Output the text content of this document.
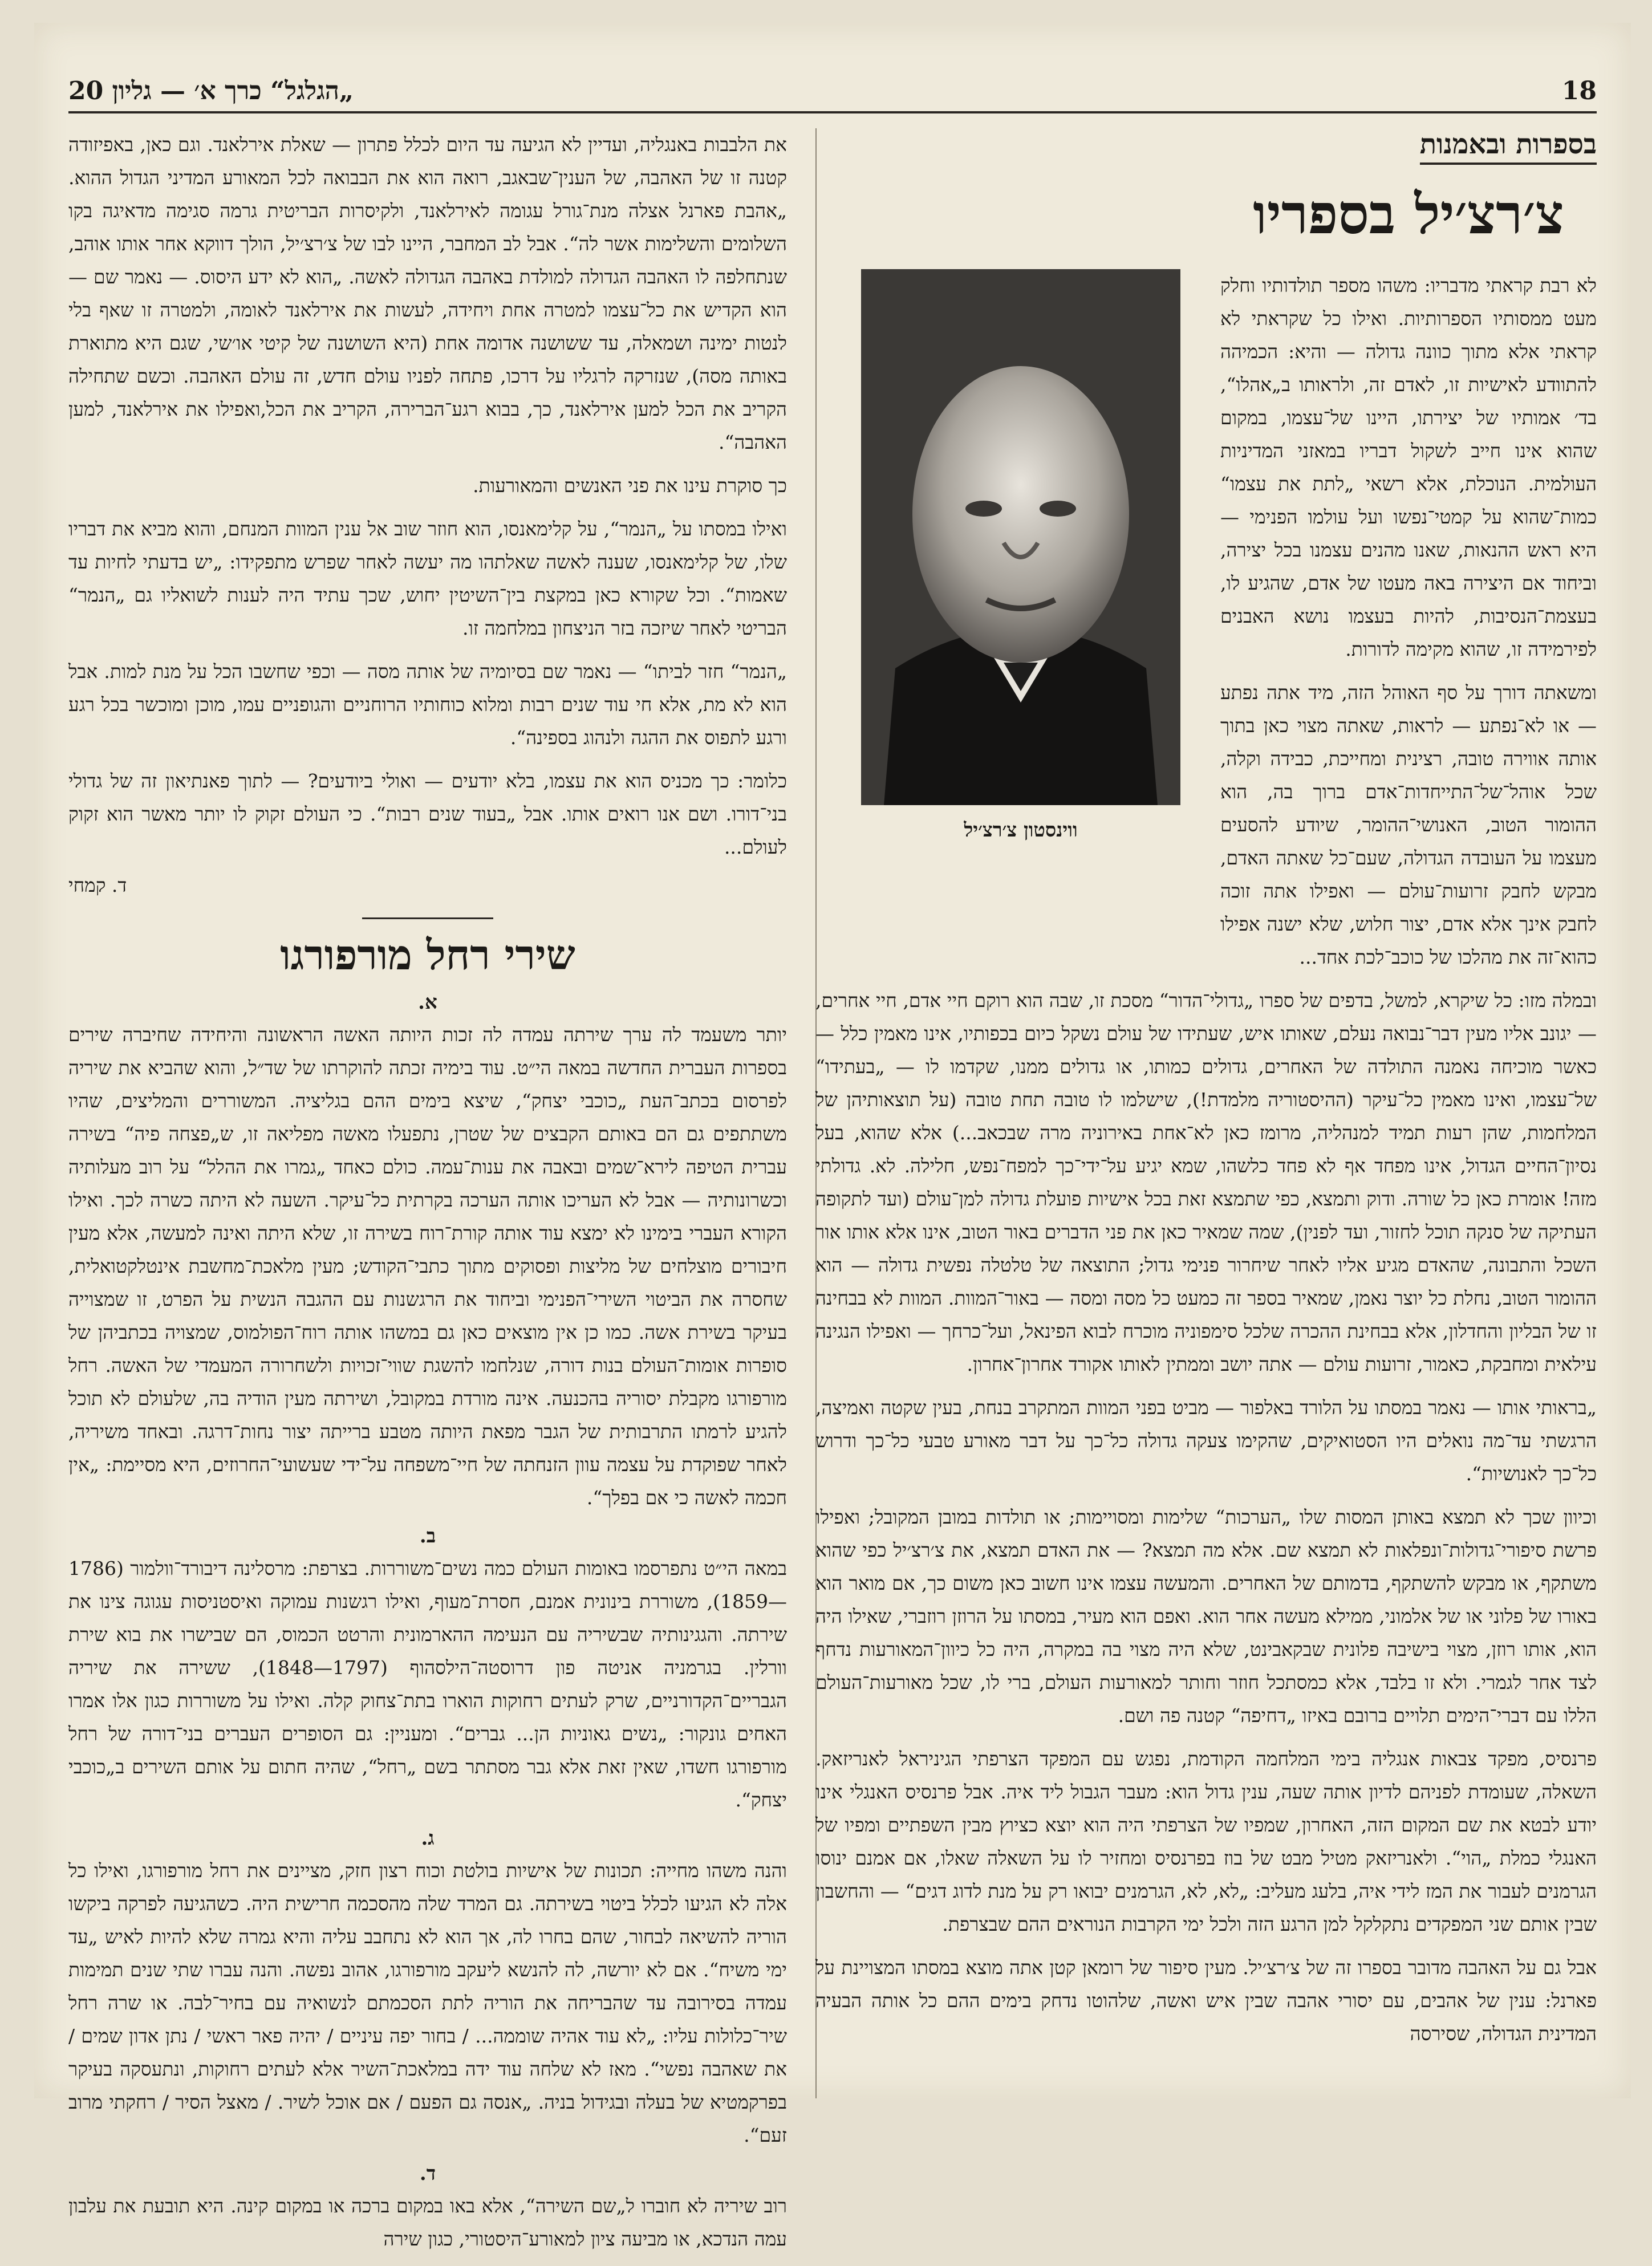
„הגלגל“ כרך א׳ — גליון 20	18
בספרות ובאמנות
צ׳רצ׳יל בספריו

לא רבת קראתי מדבריו: משהו מספר תולדותיו וחלק מעט ממסותיו הספרותיות. ואילו כל שקראתי לא קראתי אלא מתוך כוונה גדולה — והיא: הכמיהה להתוודע לאישיות זו, לאדם זה, ולראותו ב„אהלו“, בד׳ אמותיו של יצירתו, היינו של־עצמו, במקום שהוא אינו חייב לשקול דבריו במאזני המדיניות העולמית. הנוכלת, אלא רשאי „לתת את עצמו“ כמות־שהוא על קמטי־נפשו ועל עולמו הפנימי — היא ראש ההנאות, שאנו מהנים עצמנו בכל יצירה, וביחוד אם היצירה באה מעטו של אדם, שהגיע לו, בעצמת־הנסיבות, להיות בעצמו נושא האבנים לפירמידה זו, שהוא מקימה לדורות.

ומשאתה דורך על סף האוהל הזה, מיד אתה נפתע — או לא־נפתע — לראות, שאתה מצוי כאן בתוך אותה אווירה טובה, רצינית ומחייכת, כבידה וקלה, שכל אוהל־של־התייחדות־אדם ברוך בה, הוא ההומור הטוב, האנושי־ההומר, שיודע להסעים מעצמו על העובדה הגדולה, שעם־כל שאתה האדם, מבקש לחבק זרועות־עולם — ואפילו אתה זוכה לחבק אינך אלא אדם, יצור חלוש, שלא ישנה אפילו כהוא־זה את מהלכו של כוכב־לכת אחד...

ווינסטון צ׳רצ׳יל

ובמלה מזו: כל שיקרא, למשל, בדפים של ספרו „גדולי־הדור“ מסכת זו, שבה הוא רוקם חיי אדם, חיי אחרים, — יגונב אליו מעין דבר־נבואה נעלם, שאותו איש, שעתידו של עולם נשקל כיום בכפותיו, אינו מאמין כלל — כאשר מוכיחה נאמנה התולדה של האחרים, גדולים כמותו, או גדולים ממנו, שקדמו לו — „בעתידו“ של־עצמו, ואינו מאמין כל־עיקר (ההיסטוריה מלמדת!), שישלמו לו טובה תחת טובה (על תוצאותיהן של המלחמות, שהן רעות תמיד למנהליה, מרומז כאן לא־אחת באירוניה מרה שבכאב...) אלא שהוא, בעל נסיון־החיים הגדול, אינו מפחד אף לא פחד כלשהו, שמא יגיע על־ידי־כך למפח־נפש, חלילה. לא. גדולתי מזה! אומרת כאן כל שורה. ודוק ותמצא, כפי שתמצא זאת בכל אישיות פועלת גדולה למן־עולם (ועד לתקופה העתיקה של סנקה תוכל לחזור, ועד לפנין), שמה שמאיר כאן את פני הדברים באור הטוב, אינו אלא אותו אור השכל והתבונה, שהאדם מגיע אליו לאחר שיחרור פנימי גדול; התוצאה של טלטלה נפשית גדולה — הוא ההומור הטוב, נחלת כל יוצר נאמן, שמאיר בספר זה כמעט כל מסה ומסה — באור־המוות. המוות לא בבחינה זו של הבליון והחדלון, אלא בבחינת ההכרה שלכל סימפוניה מוכרח לבוא הפינאל, ועל־כרחך — ואפילו הנגינה עילאית ומחבקת, כאמור, זרועות עולם — אתה יושב וממתין לאותו אקורד אחרון־אחרון.

„בראותי אותו — נאמר במסתו על הלורד באלפור — מביט בפני המוות המתקרב בנחת, בעין שקטה ואמיצה, הרגשתי עד־מה נואלים היו הסטואיקים, שהקימו צעקה גדולה כל־כך על דבר מאורע טבעי כל־כך ודרוש כל־כך לאנושיות“.

וכיוון שכך לא תמצא באותן המסות שלו „הערכות“ שלימות ומסויימות; או תולדות במובן המקובל; ואפילו פרשת סיפורי־גדולות־ונפלאות לא תמצא שם. אלא מה תמצא? — את האדם תמצא, את צ׳רצ׳יל כפי שהוא משתקף, או מבקש להשתקף, בדמותם של האחרים. והמעשה עצמו אינו חשוב כאן משום כך, אם מואר הוא באורו של פלוני או של אלמוני, ממילא מעשה אחר הוא. ואפם הוא מעיר, במסתו על הרוזן רוזברי, שאילו היה הוא, אותו רוזן, מצוי בישיבה פלונית שבקאבינט, שלא היה מצוי בה במקרה, היה כל כיוון־המאורעות נדחף לצד אחר לגמרי. ולא זו בלבד, אלא כמסתכל חוזר וחותר למאורעות העולם, ברי לו, שכל מאורעות־העולם הללו עם דברי־הימים תלויים ברובם באיזו „דחיפה“ קטנה פה ושם.

פרנסיס, מפקד צבאות אנגליה בימי המלחמה הקודמת, נפגש עם המפקד הצרפתי הגיניראל לאנריזאק. השאלה, שעומדת לפניהם לדיון אותה שעה, ענין גדול הוא: מעבר הגבול ליד איה. אבל פרנסיס האנגלי אינו יודע לבטא את שם המקום הזה, האחרון, שמפיו של הצרפתי היה הוא יוצא כציוץ מבין השפתיים ומפיו של האנגלי כמלת „הוי“. ולאנריזאק מטיל מבט של בוז בפרנסיס ומחזיר לו על השאלה שאלו, אם אמנם ינוסו הגרמנים לעבור את המז לידי איה, בלעג מעליב: „לא, לא, הגרמנים יבואו רק על מנת לדוג דגים“ — והחשבון שבין אותם שני המפקדים נתקלקל למן הרגע הזה ולכל ימי הקרבות הנוראים ההם שבצרפת.

אבל גם על האהבה מדובר בספרו זה של צ׳רצ׳יל. מעין סיפור של רומאן קטן אתה מוצא במסתו המצויינת על פארנל: ענין של אהבים, עם יסורי אהבה שבין איש ואשה, שלהוטו נדחק בימים ההם כל אותה הבעיה המדינית הגדולה, שסירסה

את הלבבות באנגליה, ועדיין לא הגיעה עד היום לכלל פתרון — שאלת אירלאנד. וגם כאן, באפיזודה קטנה זו של האהבה, של הענין־שבאגב, רואה הוא את הבבואה לכל המאורע המדיני הגדול ההוא. „אהבת פארנל אצלה מנת־גורל עגומה לאירלאנד, ולקיסרות הבריטית גרמה סגימה מדאיגה בקו השלומים והשלימות אשר לה“. אבל לב המחבר, היינו לבו של צ׳רצ׳יל, הולך דווקא אחר אותו אוהב, שנתחלפה לו האהבה הגדולה למולדת באהבה הגדולה לאשה. „הוא לא ידע היסוס. — נאמר שם — הוא הקדיש את כל־עצמו למטרה אחת ויחידה, לעשות את אירלאנד לאומה, ולמטרה זו שאף בלי לנטות ימינה ושמאלה, עד ששושנה אדומה אחת (היא השושנה של קיטי או׳שי, שגם היא מתוארת באותה מסה), שנזרקה לרגליו על דרכו, פתחה לפניו עולם חדש, זה עולם האהבה. וכשם שתחילה הקריב את הכל למען אירלאנד, כך, בבוא רגע־הברירה, הקריב את הכל,ואפילו את אירלאנד, למען האהבה“.

כך סוקרת עינו את פני האנשים והמאורעות.

ואילו במסתו על „הנמר“, על קלימאנסו, הוא חוזר שוב אל ענין המוות המנחם, והוא מביא את דבריו שלו, של קלימאנסו, שענה לאשה שאלתהו מה יעשה לאחר שפרש מתפקידו: „יש בדעתי לחיות עד שאמות“. וכל שקורא כאן במקצת בין־השיטין יחוש, שכך עתיד היה לענות לשואליו גם „הנמר“ הבריטי לאחר שיזכה בזר הניצחון במלחמה זו.

„הנמר“ חזר לביתו“ — נאמר שם בסיומיה של אותה מסה — וכפי שחשבו הכל על מנת למות. אבל הוא לא מת, אלא חי עוד שנים רבות ומלוא כוחותיו הרוחניים והגופניים עמו, מוכן ומוכשר בכל רגע ורגע לתפוס את ההגה ולנהוג בספינה“.

כלומר: כך מכניס הוא את עצמו, בלא יודעים — ואולי ביודעים? — לתוך פאנתיאון זה של גדולי בני־דורו. ושם אנו רואים אותו. אבל „בעוד שנים רבות“. כי העולם זקוק לו יותר מאשר הוא זקוק לעולם...

ד. קמחי
שירי רחל מורפורגו
א.

יותר משעמד לה ערך שירתה עמדה לה זכות היותה האשה הראשונה והיחידה שחיברה שירים בספרות העברית החדשה במאה הי״ט. עוד בימיה זכתה להוקרתו של שד״ל, והוא שהביא את שיריה לפרסום בכתב־העת „כוכבי יצחק“, שיצא בימים ההם בגליציה. המשוררים והמליצים, שהיו משתתפים גם הם באותם הקבצים של שטרן, נתפעלו מאשה מפליאה זו, ש„פצחה פיה“ בשירה עברית הטיפה לירא־שמים ובאבה את ענות־עמה. כולם כאחד „גמרו את ההלל“ על רוב מעלותיה וכשרונותיה — אבל לא העריכו אותה הערכה בקרתית כל־עיקר. השעה לא היתה כשרה לכך. ואילו הקורא העברי בימינו לא ימצא עוד אותה קורת־רוח בשירה זו, שלא היתה ואינה למעשה, אלא מעין חיבורים מוצלחים של מליצות ופסוקים מתוך כתבי־הקודש; מעין מלאכת־מחשבת אינטלקטואלית, שחסרה את הביטוי השירי־הפנימי וביחוד את הרגשנות עם ההגבה הנשית על הפרט, זו שמצוייה בעיקר בשירת אשה. כמו כן אין מוצאים כאן גם במשהו אותה רוח־הפולמוס, שמצויה בכתביהן של סופרות אומות־העולם בנות דורה, שנלחמו להשגת שווי־זכויות ולשחרורה המעמדי של האשה. רחל מורפורגו מקבלת יסוריה בהכנעה. אינה מורדת במקובל, ושירתה מעין הודיה בה, שלעולם לא תוכל להגיע לרמתו התרבותית של הגבר מפאת היותה מטבע ברייתה יצור נחות־דרגה. ובאחד משיריה, לאחר שפוקדת על עצמה עוון הזנחתה של חיי־משפחה על־ידי שעשועי־החרוזים, היא מסיימת: „אין חכמה לאשה כי אם בפלך“.

ב.

במאה הי״ט נתפרסמו באומות העולם כמה נשים־משוררות. בצרפת: מרסלינה דיבורד־וולמור (1786—1859), משוררת בינונית אמנם, חסרת־מעוף, ואילו רגשנות עמוקה ואיסטניסות עגוגה צינו את שירתה. והגגינותיה שבשיריה עם הנעימה ההארמונית והרטט הכמוס, הם שבישרו את בוא שירת וורלין. בגרמניה אניטה פון דרוסטה־הילסהוף (1797—1848), ששירה את שיריה הגבריים־הקדורניים, שרק לעתים רחוקות הוארו בתת־צחוק קלה. ואילו על משוררות כגון אלו אמרו האחים גונקור: „נשים גאוניות הן... גברים“. ומעניין: גם הסופרים העברים בני־דורה של רחל מורפורגו חשדו, שאין זאת אלא גבר מסתתר בשם „רחל“, שהיה חתום על אותם השירים ב„כוכבי יצחק“.

ג.

והנה משהו מחייה: תכונות של אישיות בולטת וכוח רצון חזק, מציינים את רחל מורפורגו, ואילו כל אלה לא הגיעו לכלל ביטוי בשירתה. גם המרד שלה מהסכמה חרישית היה. כשהגיעה לפרקה ביקשו הוריה להשיאה לבחור, שהם בחרו לה, אך הוא לא נתחבב עליה והיא גמרה שלא להיות לאיש „עד ימי משיח“. אם לא יורשה, לה להנשא ליעקב מורפורגו, אהוב נפשה. והנה עברו שתי שנים תמימות עמדה בסירובה עד שהבריחה את הוריה לתת הסכמתם לנשואיה עם בחיר־לבה. או שרה רחל שיר־כלולות עליו: „לא עוד אהיה שוממה... / בחור יפה עיניים / יהיה פאר ראשי / נתן אדון שמים / את שאהבה נפשי“. מאז לא שלחה עוד ידה במלאכת־השיר אלא לעתים רחוקות, ונתעסקה בעיקר בפרקמטיא של בעלה ובגידול בניה. „אנסה גם הפעם / אם אוכל לשיר. / מאצל הסיר / רחקתי מרוב זעם“.

ד.

רוב שיריה לא חוברו ל„שם השירה“, אלא באו במקום ברכה או במקום קינה. היא תובעת את עלבון עמה הנדכא, או מביעה ציון למאורע־היסטורי, כגון שירה
